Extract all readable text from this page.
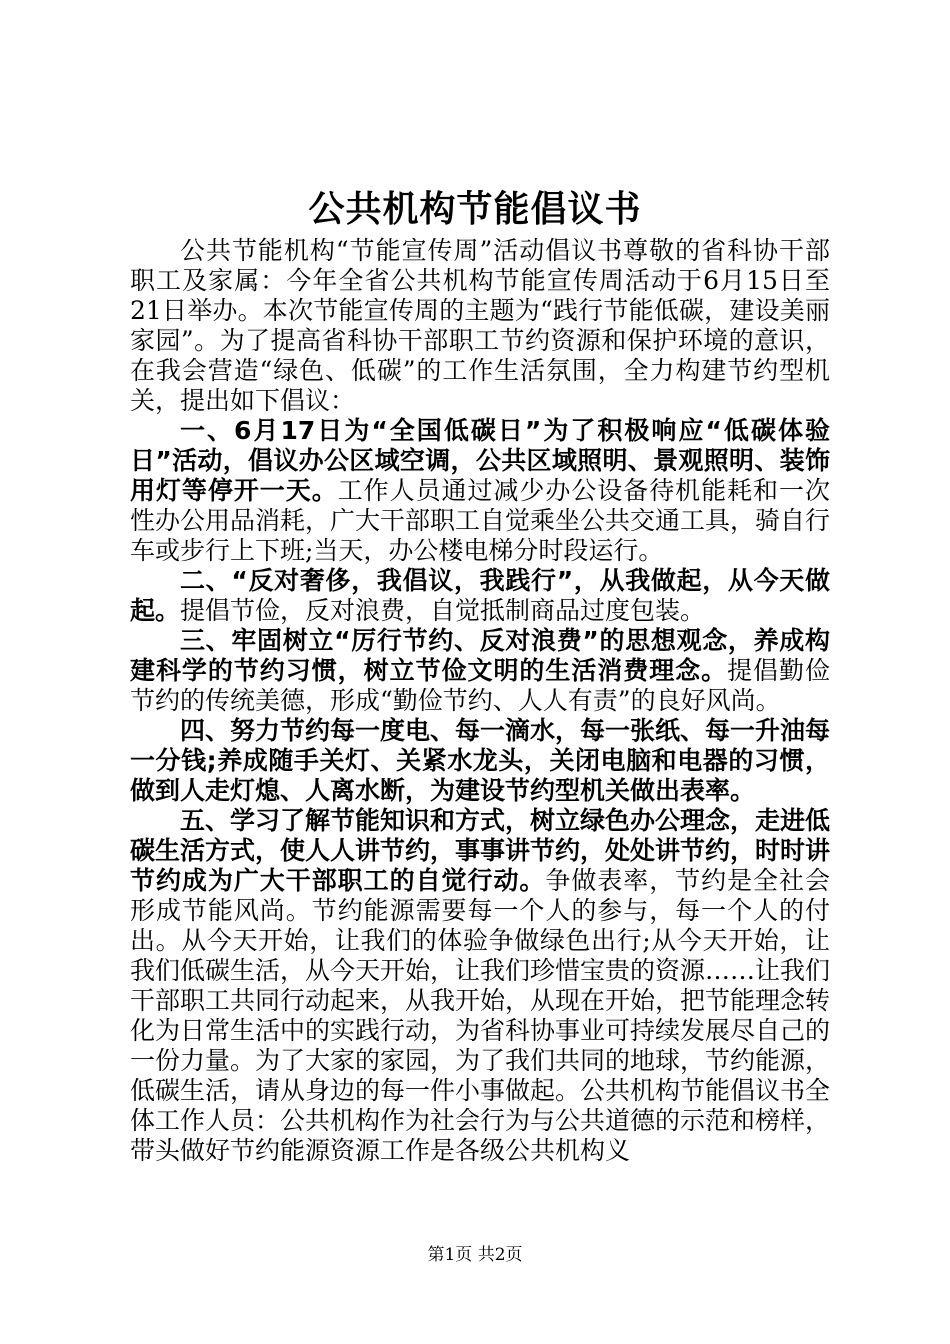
公共机构节能倡议书

公共节能机构“节能宣传周”活动倡议书尊敬的省科协干部职工及家属：今年全省公共机构节能宣传周活动于6月15日至21日举办。本次节能宣传周的主题为“践行节能低碳，建设美丽家园”。为了提高省科协干部职工节约资源和保护环境的意识，在我会营造“绿色、低碳”的工作生活氛围，全力构建节约型机关，提出如下倡议：

一、6月17日为“全国低碳日”为了积极响应“低碳体验日”活动，倡议办公区域空调，公共区域照明、景观照明、装饰用灯等停开一天。工作人员通过减少办公设备待机能耗和一次性办公用品消耗，广大干部职工自觉乘坐公共交通工具，骑自行车或步行上下班;当天，办公楼电梯分时段运行。

二、“反对奢侈，我倡议，我践行”，从我做起，从今天做起。提倡节俭，反对浪费，自觉抵制商品过度包装。

三、牢固树立“厉行节约、反对浪费”的思想观念，养成构建科学的节约习惯，树立节俭文明的生活消费理念。提倡勤俭节约的传统美德，形成“勤俭节约、人人有责”的良好风尚。

四、努力节约每一度电、每一滴水，每一张纸、每一升油每一分钱;养成随手关灯、关紧水龙头，关闭电脑和电器的习惯，做到人走灯熄、人离水断，为建设节约型机关做出表率。

五、学习了解节能知识和方式，树立绿色办公理念，走进低碳生活方式，使人人讲节约，事事讲节约，处处讲节约，时时讲节约成为广大干部职工的自觉行动。争做表率，节约是全社会形成节能风尚。节约能源需要每一个人的参与，每一个人的付出。从今天开始，让我们的体验争做绿色出行;从今天开始，让我们低碳生活，从今天开始，让我们珍惜宝贵的资源……让我们干部职工共同行动起来，从我开始，从现在开始，把节能理念转化为日常生活中的实践行动，为省科协事业可持续发展尽自己的一份力量。为了大家的家园，为了我们共同的地球，节约能源，低碳生活，请从身边的每一件小事做起。公共机构节能倡议书全体工作人员：公共机构作为社会行为与公共道德的示范和榜样，带头做好节约能源资源工作是各级公共机构义

第1页 共2页
